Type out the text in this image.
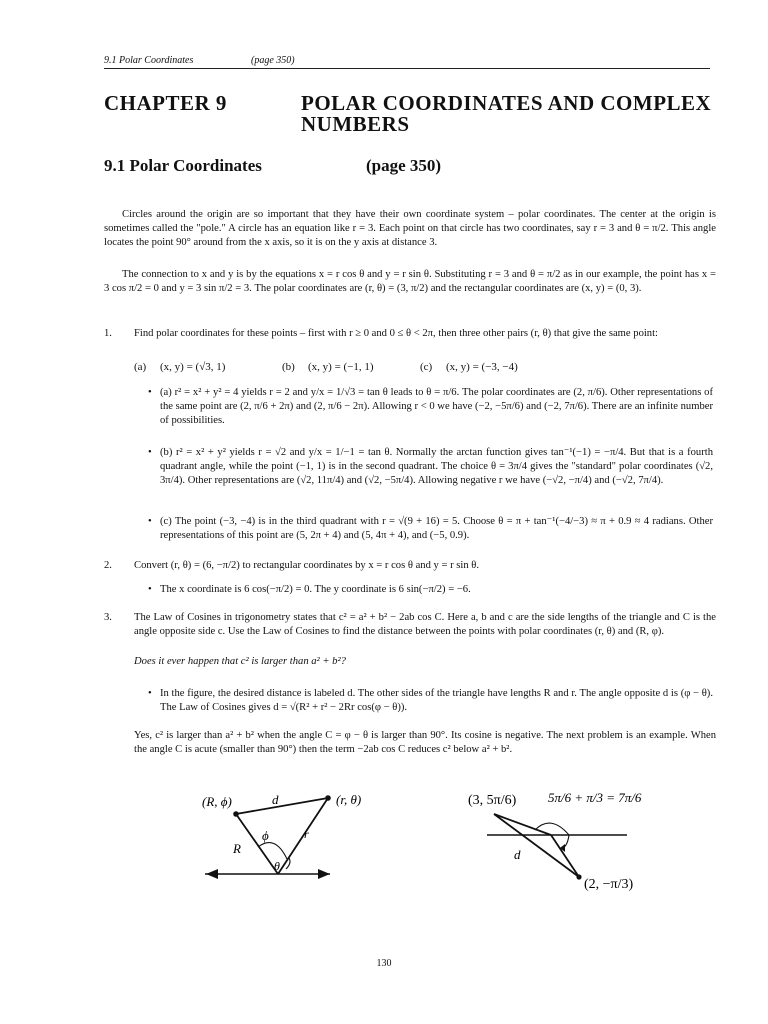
9.1 Polar Coordinates	(page 350)
CHAPTER 9	POLAR COORDINATES AND COMPLEX NUMBERS
9.1 Polar Coordinates	(page 350)
Circles around the origin are so important that they have their own coordinate system – polar coordinates. The center at the origin is sometimes called the "pole." A circle has an equation like r = 3. Each point on that circle has two coordinates, say r = 3 and θ = π/2. This angle locates the point 90° around from the x axis, so it is on the y axis at distance 3.
The connection to x and y is by the equations x = r cos θ and y = r sin θ. Substituting r = 3 and θ = π/2 as in our example, the point has x = 3 cos π/2 = 0 and y = 3 sin π/2 = 3. The polar coordinates are (r, θ) = (3, π/2) and the rectangular coordinates are (x, y) = (0, 3).
1. Find polar coordinates for these points – first with r ≥ 0 and 0 ≤ θ < 2π, then three other pairs (r, θ) that give the same point:
(a) (x, y) = (√3, 1)	(b) (x, y) = (−1, 1)	(c) (x, y) = (−3, −4)
• (a) r² = x² + y² = 4 yields r = 2 and y/x = 1/√3 = tan θ leads to θ = π/6. The polar coordinates are (2, π/6). Other representations of the same point are (2, π/6 + 2π) and (2, π/6 − 2π). Allowing r < 0 we have (−2, −5π/6) and (−2, 7π/6). There are an infinite number of possibilities.
• (b) r² = x² + y² yields r = √2 and y/x = 1/−1 = tan θ. Normally the arctan function gives tan⁻¹(−1) = −π/4. But that is a fourth quadrant angle, while the point (−1, 1) is in the second quadrant. The choice θ = 3π/4 gives the "standard" polar coordinates (√2, 3π/4). Other representations are (√2, 11π/4) and (√2, −5π/4). Allowing negative r we have (−√2, −π/4) and (−√2, 7π/4).
• (c) The point (−3, −4) is in the third quadrant with r = √(9 + 16) = 5. Choose θ = π + tan⁻¹(−4/−3) ≈ π + 0.9 ≈ 4 radians. Other representations of this point are (5, 2π + 4) and (5, 4π + 4), and (−5, 0.9).
2. Convert (r, θ) = (6, −π/2) to rectangular coordinates by x = r cos θ and y = r sin θ.
• The x coordinate is 6 cos(−π/2) = 0. The y coordinate is 6 sin(−π/2) = −6.
3. The Law of Cosines in trigonometry states that c² = a² + b² − 2ab cos C. Here a, b and c are the side lengths of the triangle and C is the angle opposite side c. Use the Law of Cosines to find the distance between the points with polar coordinates (r, θ) and (R, φ).
Does it ever happen that c² is larger than a² + b²?
• In the figure, the desired distance is labeled d. The other sides of the triangle have lengths R and r. The angle opposite d is (φ − θ). The Law of Cosines gives d = √(R² + r² − 2Rr cos(φ − θ)).
Yes, c² is larger than a² + b² when the angle C = φ − θ is larger than 90°. Its cosine is negative. The next problem is an example. When the angle C is acute (smaller than 90°) then the term −2ab cos C reduces c² below a² + b².
(R, ϕ)	d	(r, θ)
ϕ	r
R
θ
(3, 5π/6) 5π/6 + π/3 = 7π/6
d
(2, −π/3)
130
